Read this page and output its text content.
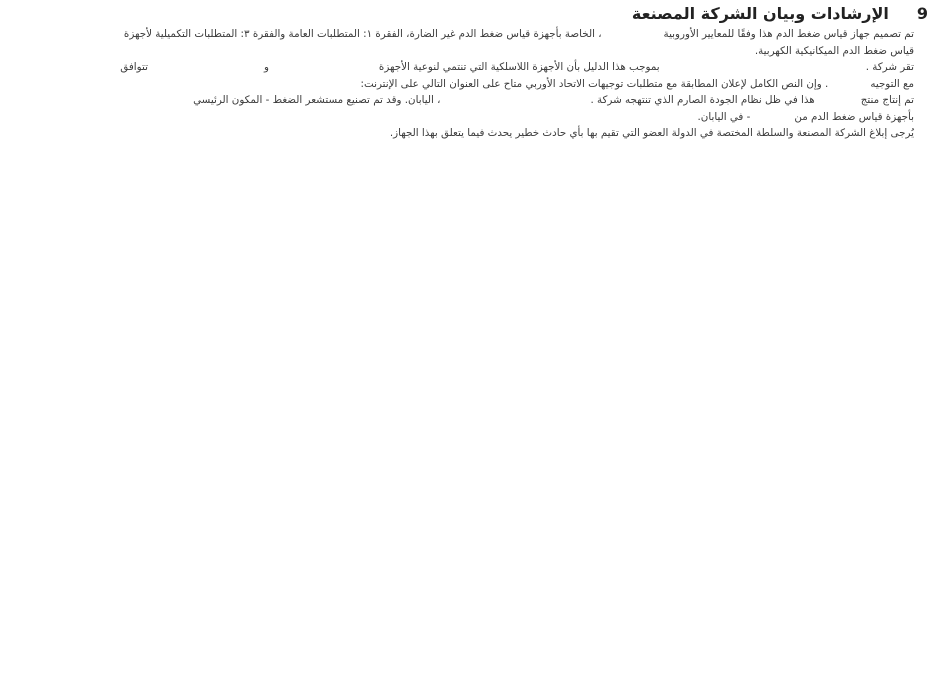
9الإرشادات وبيان الشركة المصنعة
تم تصميم جهاز قياس ضغط الدم هذا وفقًا للمعايير الأوروبية، الخاصة بأجهزة قياس ضغط الدم غير الضارة، الفقرة ١: المتطلبات العامة والفقرة ٣: المتطلبات التكميلية لأجهزة
قياس ضغط الدم الميكانيكية الكهربية.
تقر شركة .بموجب هذا الدليل بأن الأجهزة اللاسلكية التي تنتمي لنوعية الأجهزةوتتوافق
مع التوجيه. وإن النص الكامل لإعلان المطابقة مع متطلبات توجيهات الاتحاد الأوربي متاح على العنوان التالي على الإنترنت:
تم إنتاج منتجهذا في ظل نظام الجودة الصارم الذي تنتهجه شركة .، اليابان. وقد تم تصنيع مستشعر الضغط - المكون الرئيسي
بأجهزة قياس ضغط الدم من- في اليابان.
يُرجى إبلاغ الشركة المصنعة والسلطة المختصة في الدولة العضو التي تقيم بها بأي حادث خطير يحدث فيما يتعلق بهذا الجهاز.
